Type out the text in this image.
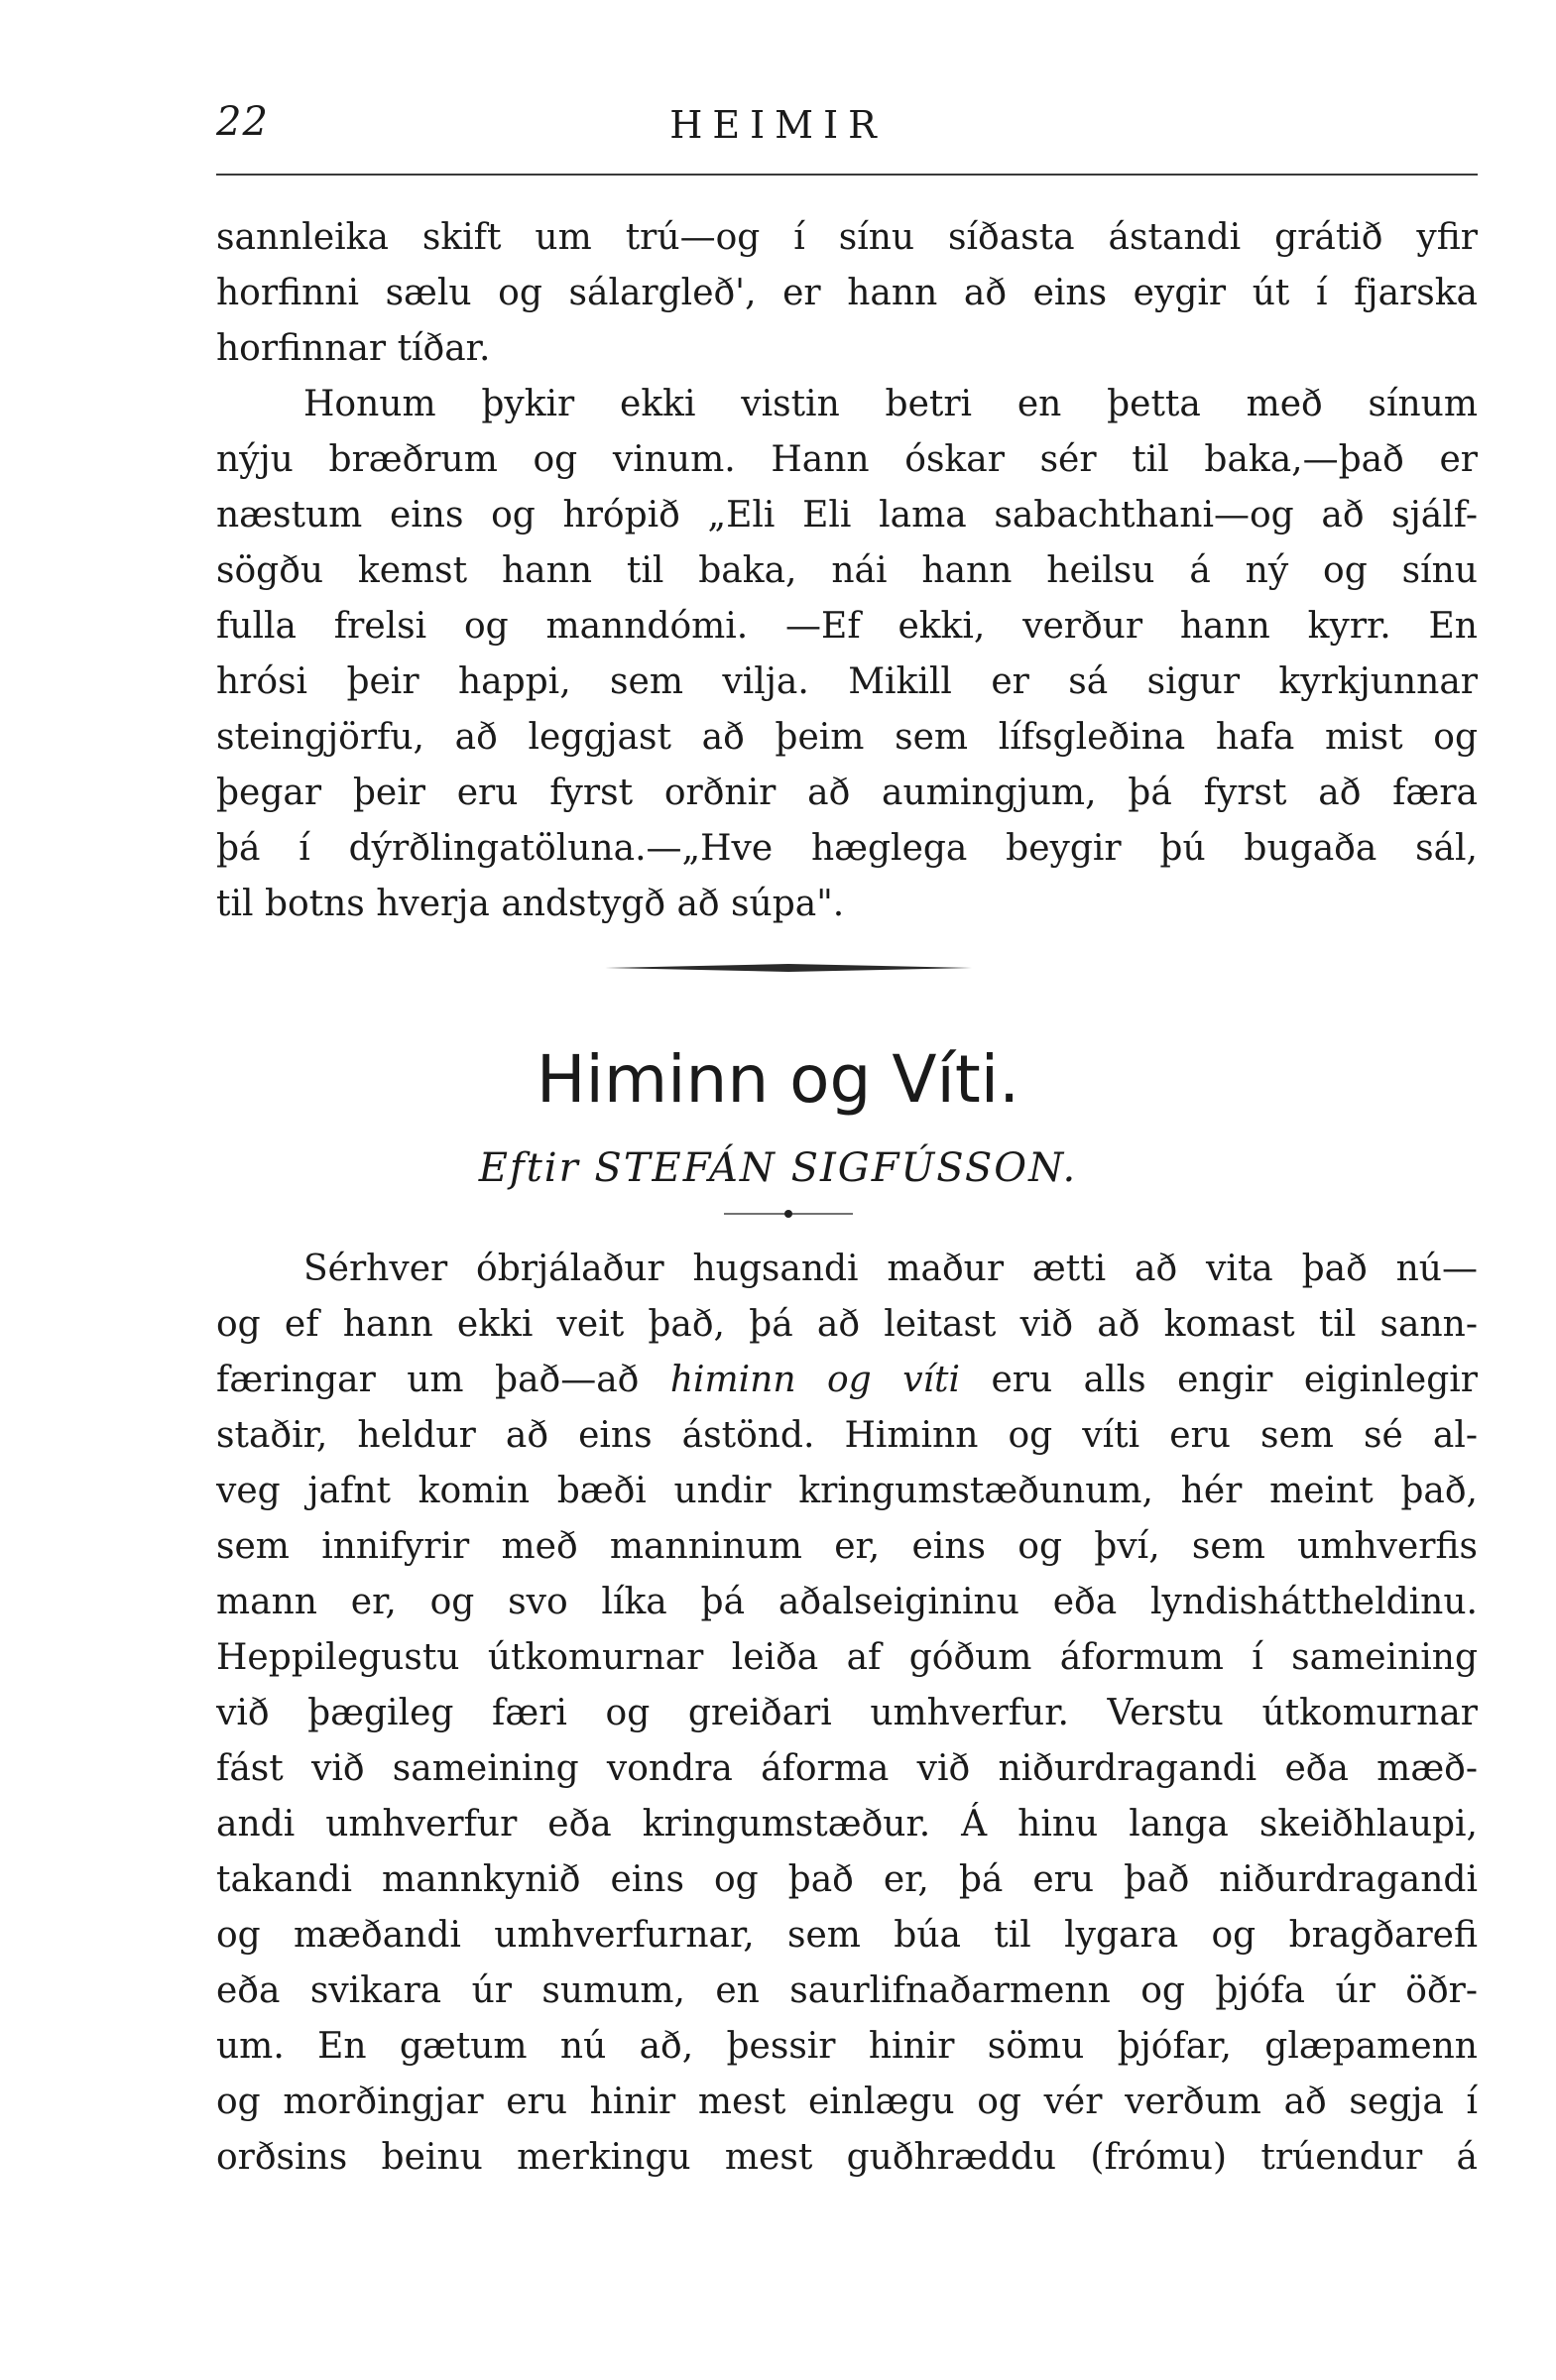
22	HEIMIR
sannleika skift um trú—og í sínu síðasta ástandi grátið yfir
horfinni sælu og sálargleð', er hann að eins eygir út í fjarska
horfinnar tíðar.
Honum þykir ekki vistin betri en þetta með sínum
nýju bræðrum og vinum. Hann óskar sér til baka,—það er
næstum eins og hrópið „Eli Eli lama sabachthani—og að sjálf-
sögðu kemst hann til baka, nái hann heilsu á ný og sínu
fulla frelsi og manndómi. —Ef ekki, verður hann kyrr. En
hrósi þeir happi, sem vilja. Mikill er sá sigur kyrkjunnar
steingjörfu, að leggjast að þeim sem lífsgleðina hafa mist og
þegar þeir eru fyrst orðnir að aumingjum, þá fyrst að færa
þá í dýrðlingatöluna.—„Hve hæglega beygir þú bugaða sál,
til botns hverja andstygð að súpa".
Himinn og Víti.
Eftir STEFÁN SIGFÚSSON.
Sérhver óbrjálaður hugsandi maður ætti að vita það nú—
og ef hann ekki veit það, þá að leitast við að komast til sann-
færingar um það—að himinn og víti eru alls engir eiginlegir
staðir, heldur að eins ástönd. Himinn og víti eru sem sé al-
veg jafnt komin bæði undir kringumstæðunum, hér meint það,
sem innifyrir með manninum er, eins og því, sem umhverfis
mann er, og svo líka þá aðalseigininu eða lyndisháttheldinu.
Heppilegustu útkomurnar leiða af góðum áformum í sameining
við þægileg færi og greiðari umhverfur. Verstu útkomurnar
fást við sameining vondra áforma við niðurdragandi eða mæð-
andi umhverfur eða kringumstæður. Á hinu langa skeiðhlaupi,
takandi mannkynið eins og það er, þá eru það niðurdragandi
og mæðandi umhverfurnar, sem búa til lygara og bragðarefi
eða svikara úr sumum, en saurlifnaðarmenn og þjófa úr öðr-
um. En gætum nú að, þessir hinir sömu þjófar, glæpamenn
og morðingjar eru hinir mest einlægu og vér verðum að segja í
orðsins beinu merkingu mest guðhræddu (frómu) trúendur á
